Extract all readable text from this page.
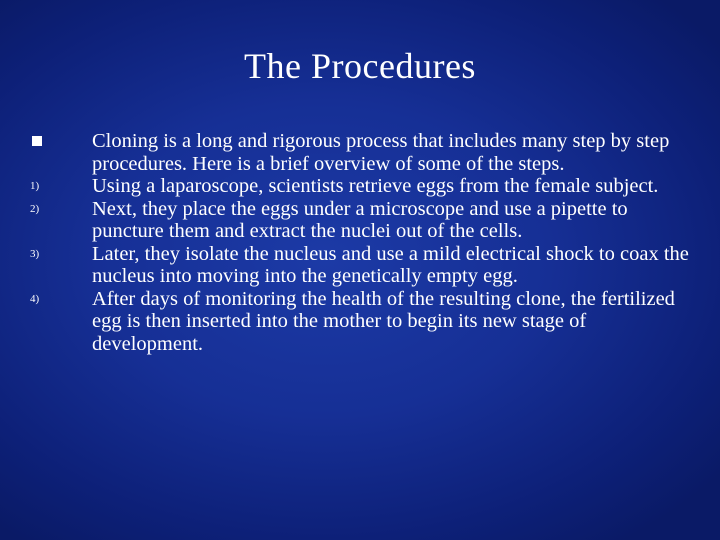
The Procedures
Cloning is a long and rigorous process that includes many step by step procedures. Here is a brief overview of some of the steps.
1)	Using a laparoscope, scientists retrieve eggs from the female subject.
2)	Next, they place the eggs under a microscope and use a pipette to puncture them and extract the nuclei out of the cells.
3)	Later, they isolate the nucleus and use a mild electrical shock to coax the nucleus into moving into the genetically empty egg.
4)	After days of monitoring the health of the resulting clone, the fertilized egg is then inserted into the mother to begin its new stage of development.
